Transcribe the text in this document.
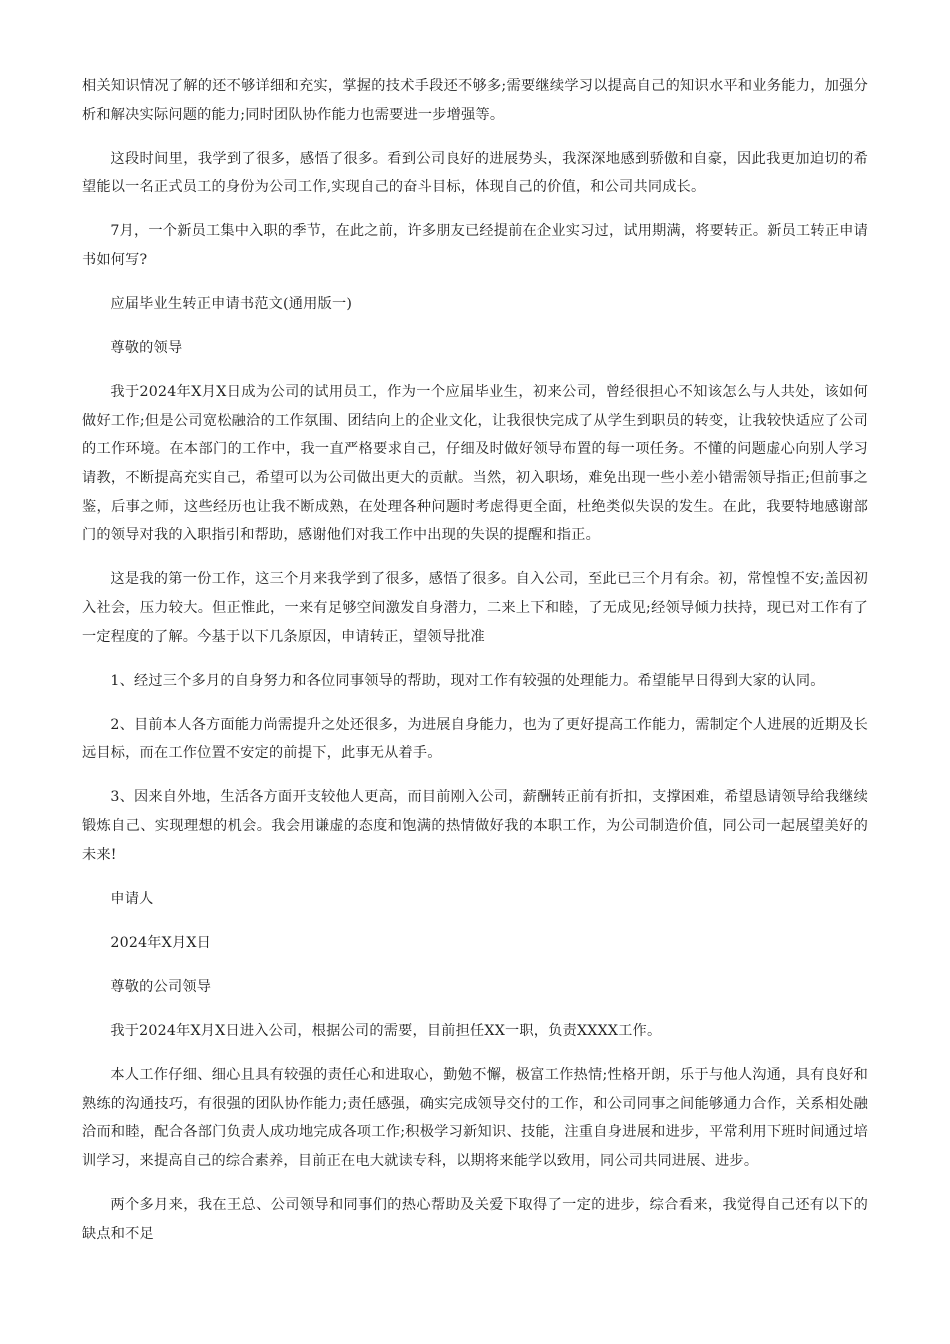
相关知识情况了解的还不够详细和充实，掌握的技术手段还不够多;需要继续学习以提高自己的知识水平和业务能力，加强分析和解决实际问题的能力;同时团队协作能力也需要进一步增强等。

这段时间里，我学到了很多，感悟了很多。看到公司良好的进展势头，我深深地感到骄傲和自豪，因此我更加迫切的希望能以一名正式员工的身份为公司工作,实现自己的奋斗目标，体现自己的价值，和公司共同成长。

7月，一个新员工集中入职的季节，在此之前，许多朋友已经提前在企业实习过，试用期满，将要转正。新员工转正申请书如何写?

应届毕业生转正申请书范文(通用版一)

尊敬的领导

我于2024年X月X日成为公司的试用员工，作为一个应届毕业生，初来公司，曾经很担心不知该怎么与人共处，该如何做好工作;但是公司宽松融洽的工作氛围、团结向上的企业文化，让我很快完成了从学生到职员的转变，让我较快适应了公司的工作环境。在本部门的工作中，我一直严格要求自己，仔细及时做好领导布置的每一项任务。不懂的问题虚心向别人学习请教，不断提高充实自己，希望可以为公司做出更大的贡献。当然，初入职场，难免出现一些小差小错需领导指正;但前事之鉴，后事之师，这些经历也让我不断成熟，在处理各种问题时考虑得更全面，杜绝类似失误的发生。在此，我要特地感谢部门的领导对我的入职指引和帮助，感谢他们对我工作中出现的失误的提醒和指正。

这是我的第一份工作，这三个月来我学到了很多，感悟了很多。自入公司，至此已三个月有余。初，常惶惶不安;盖因初入社会，压力较大。但正惟此，一来有足够空间激发自身潜力，二来上下和睦，了无成见;经领导倾力扶持，现已对工作有了一定程度的了解。今基于以下几条原因，申请转正，望领导批准

1、经过三个多月的自身努力和各位同事领导的帮助，现对工作有较强的处理能力。希望能早日得到大家的认同。

2、目前本人各方面能力尚需提升之处还很多，为进展自身能力，也为了更好提高工作能力，需制定个人进展的近期及长远目标，而在工作位置不安定的前提下，此事无从着手。

3、因来自外地，生活各方面开支较他人更高，而目前刚入公司，薪酬转正前有折扣，支撑困难，希望恳请领导给我继续锻炼自己、实现理想的机会。我会用谦虚的态度和饱满的热情做好我的本职工作，为公司制造价值，同公司一起展望美好的未来!

申请人

2024年X月X日

尊敬的公司领导

我于2024年X月X日进入公司，根据公司的需要，目前担任XX一职，负责XXXX工作。

本人工作仔细、细心且具有较强的责任心和进取心，勤勉不懈，极富工作热情;性格开朗，乐于与他人沟通，具有良好和熟练的沟通技巧，有很强的团队协作能力;责任感强，确实完成领导交付的工作，和公司同事之间能够通力合作，关系相处融洽而和睦，配合各部门负责人成功地完成各项工作;积极学习新知识、技能，注重自身进展和进步，平常利用下班时间通过培训学习，来提高自己的综合素养，目前正在电大就读专科，以期将来能学以致用，同公司共同进展、进步。

两个多月来，我在王总、公司领导和同事们的热心帮助及关爱下取得了一定的进步，综合看来，我觉得自己还有以下的缺点和不足
